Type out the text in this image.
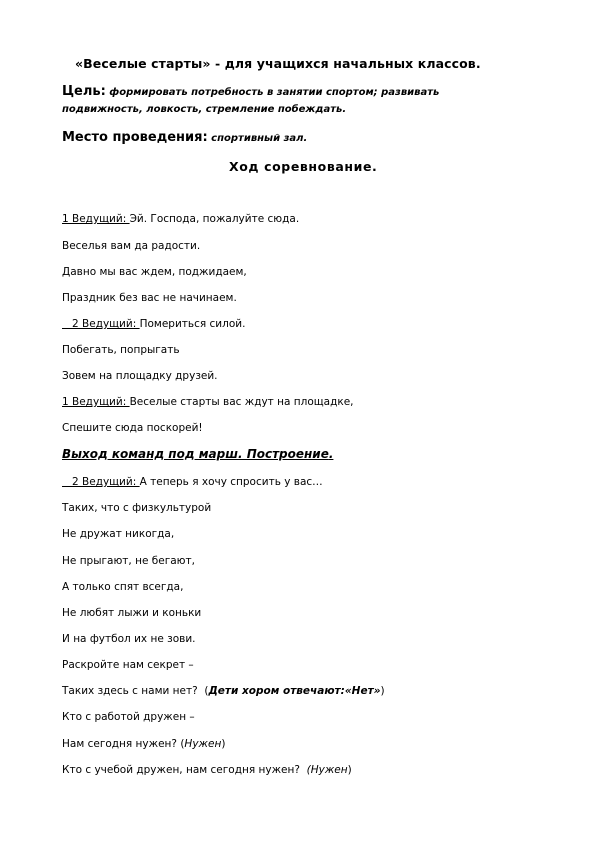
«Веселые старты» - для учащихся начальных классов.
Цель: формировать потребность в занятии спортом; развивать
подвижность, ловкость, стремление побеждать.
Место проведения: спортивный зал.
Ход соревнование.
1 Ведущий: Эй. Господа, пожалуйте сюда.
Веселья вам да радости.
Давно мы вас ждем, поджидаем,
Праздник без вас не начинаем.
2 Ведущий: Помериться силой.
Побегать, попрыгать
Зовем на площадку друзей.
1 Ведущий: Веселые старты вас ждут на площадке,
Спешите сюда поскорей!
Выход команд под марш. Построение.
2 Ведущий: А теперь я хочу спросить у вас…
Таких, что с физкультурой
Не дружат никогда,
Не прыгают, не бегают,
А только спят всегда,
Не любят лыжи и коньки
И на футбол их не зови.
Раскройте нам секрет –
Таких здесь с нами нет?  (Дети хором отвечают:«Нет»)
Кто с работой дружен –
Нам сегодня нужен? (Нужен)
Кто с учебой дружен, нам сегодня нужен?  (Нужен)
